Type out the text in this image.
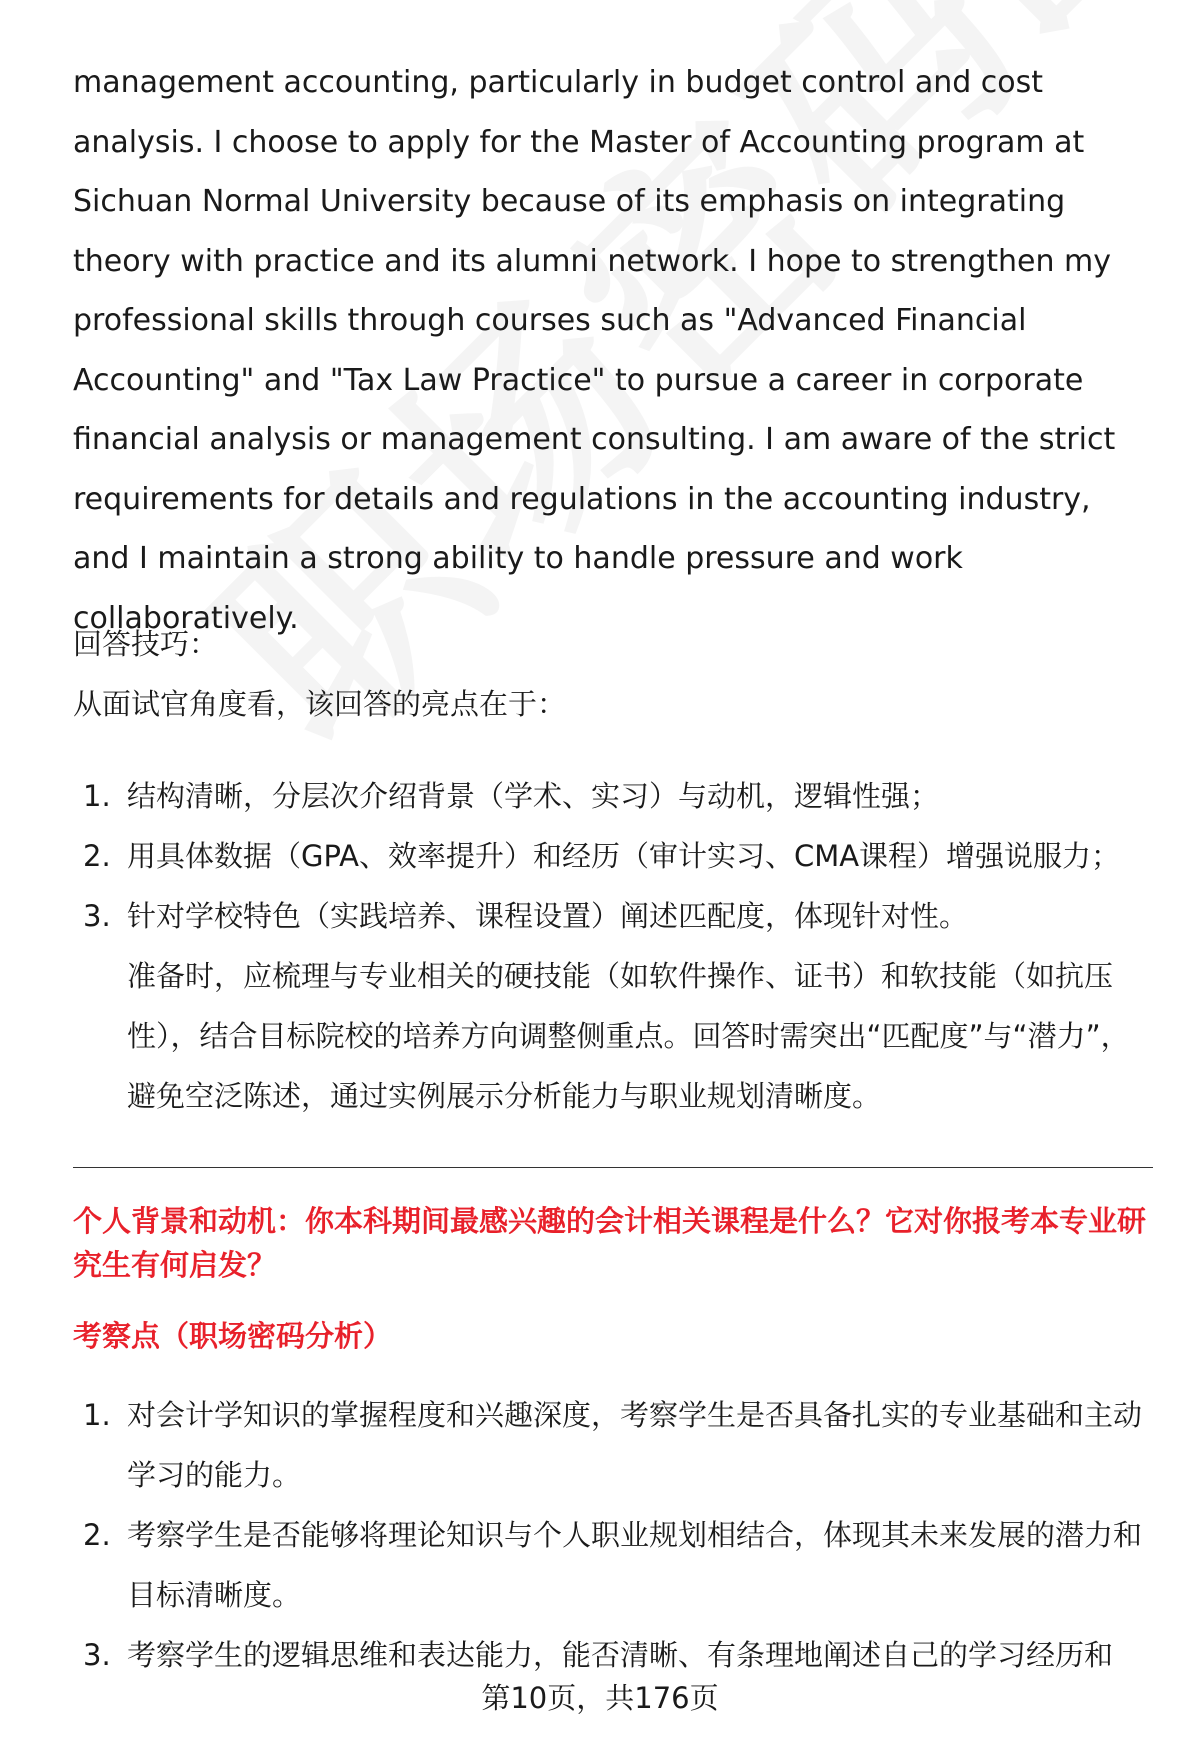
management accounting, particularly in budget control and cost analysis. I choose to apply for the Master of Accounting program at Sichuan Normal University because of its emphasis on integrating theory with practice and its alumni network. I hope to strengthen my professional skills through courses such as "Advanced Financial Accounting" and "Tax Law Practice" to pursue a career in corporate financial analysis or management consulting. I am aware of the strict requirements for details and regulations in the accounting industry, and I maintain a strong ability to handle pressure and work collaboratively.

回答技巧：

从面试官角度看，该回答的亮点在于：

1. 结构清晰，分层次介绍背景（学术、实习）与动机，逻辑性强；
2. 用具体数据（GPA、效率提升）和经历（审计实习、CMA课程）增强说服力；
3. 针对学校特色（实践培养、课程设置）阐述匹配度，体现针对性。

准备时，应梳理与专业相关的硬技能（如软件操作、证书）和软技能（如抗压性），结合目标院校的培养方向调整侧重点。回答时需突出“匹配度”与“潜力”，避免空泛陈述，通过实例展示分析能力与职业规划清晰度。

个人背景和动机：你本科期间最感兴趣的会计相关课程是什么？它对你报考本专业研究生有何启发？

考察点（职场密码分析）

1. 对会计学知识的掌握程度和兴趣深度，考察学生是否具备扎实的专业基础和主动学习的能力。
2. 考察学生是否能够将理论知识与个人职业规划相结合，体现其未来发展的潜力和目标清晰度。
3. 考察学生的逻辑思维和表达能力，能否清晰、有条理地阐述自己的学习经历和
第10页，共176页
